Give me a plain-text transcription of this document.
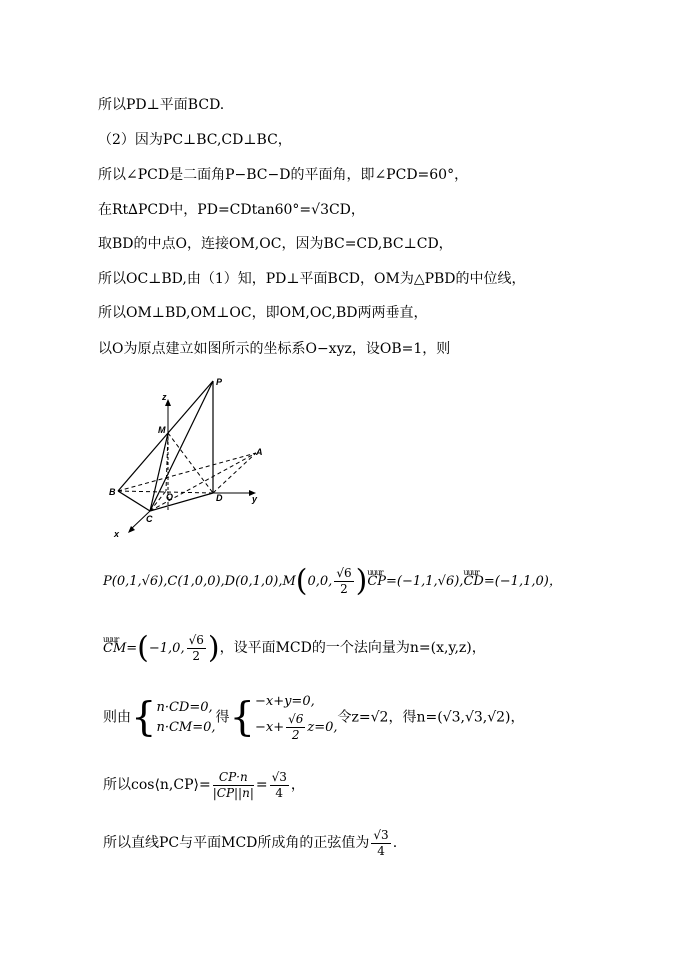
所以PD⊥平面BCD.
（2）因为PC⊥BC,CD⊥BC，
所以∠PCD是二面角P−BC−D的平面角，即∠PCD=60°，
在Rt∆PCD中，PD=CDtan60°=√3CD，
取BD的中点O，连接OM,OC，因为BC=CD,BC⊥CD，
所以OC⊥BD,由（1）知，PD⊥平面BCD，OM为△PBD的中位线，
所以OM⊥BD,OM⊥OC，即OM,OC,BD两两垂直，
以O为原点建立如图所示的坐标系O−xyz，设OB=1，则
z
P
M
A
B	O	D	y
C
x
P(0,1,√6),C(1,0,0),D(0,1,0),M(0,0, $\frac{√6}{2}$ )uuur CP=(−1,1,√6),uuur CD=(−1,1,0)，
uuur CM=(−1,0, $\frac{√6}{2}$ )，设平面MCD的一个法向量为n=(x,y,z)，
则由{ n·CD=0,
n·CM=0,
得{ −x+y=0,
$-x+ \frac{√6}{2} z=0$,
令z=√2，得n=(√3,√3,√2)，
所以cos⟨n,CP⟩= $\frac{CP\cdot n}{|CP||n|} = \frac{√3}{4}$ ，
所以直线PC与平面MCD所成角的正弦值为 $\frac{√3}{4}$ .
